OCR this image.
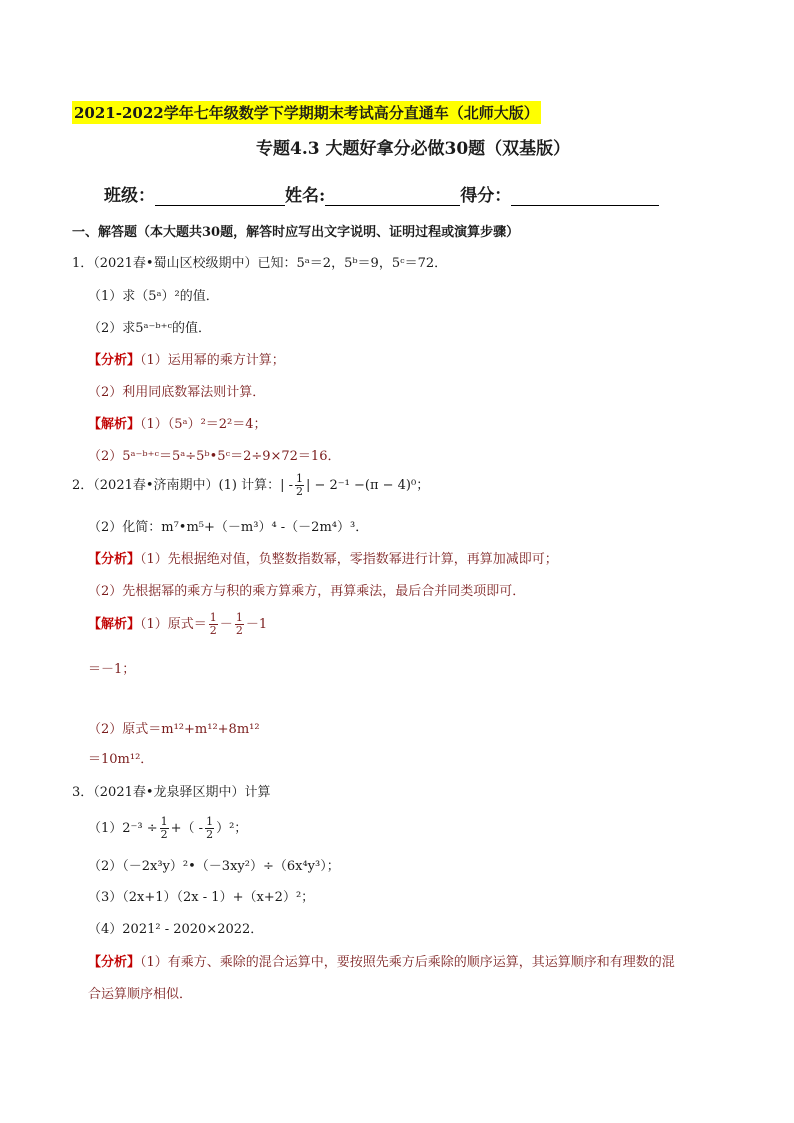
2021-2022学年七年级数学下学期期末考试高分直通车（北师大版）
专题4.3 大题好拿分必做30题（双基版）
班级：	姓名:	得分：
一、解答题（本大题共30题，解答时应写出文字说明、证明过程或演算步骤）
1．（2021春•蜀山区校级期中）已知：5ᵃ＝2，5ᵇ＝9，5ᶜ＝72．
（1）求（5ᵃ）²的值．
（2）求5ᵃ⁻ᵇ⁺ᶜ的值．
【分析】（1）运用幂的乘方计算；
（2）利用同底数幂法则计算．
【解析】（1）（5ᵃ）²＝2²＝4；
（2）5ᵃ⁻ᵇ⁺ᶜ＝5ᵃ÷5ᵇ•5ᶜ＝2÷9×72＝16．
2．（2021春•济南期中）(1) 计算：| - $\frac{1}{2}$ | − 2⁻¹ −(π − 4)⁰；
（2）化简：m⁷•m⁵+（－m³）⁴ -（－2m⁴）³．
【分析】（1）先根据绝对值，负整数指数幂，零指数幂进行计算，再算加减即可；
（2）先根据幂的乘方与积的乘方算乘方，再算乘法，最后合并同类项即可．
【解析】（1）原式＝ $\frac{1}{2} - \frac{1}{2} -1$
＝－1；
（2）原式＝m¹²+m¹²+8m¹²
＝10m¹²．
3．（2021春•龙泉驿区期中）计算
$(1)2^{-3} \div \frac{1}{2}$ +（ - $\frac{1}{2} )^2$；
（2）（－2x³y）²•（－3xy²）÷（6x⁴y³）；
（3）（2x+1）（2x - 1）+（x+2）²；
（4）2021² - 2020×2022．
【分析】（1）有乘方、乘除的混合运算中，要按照先乘方后乘除的顺序运算，其运算顺序和有理数的混
合运算顺序相似．
